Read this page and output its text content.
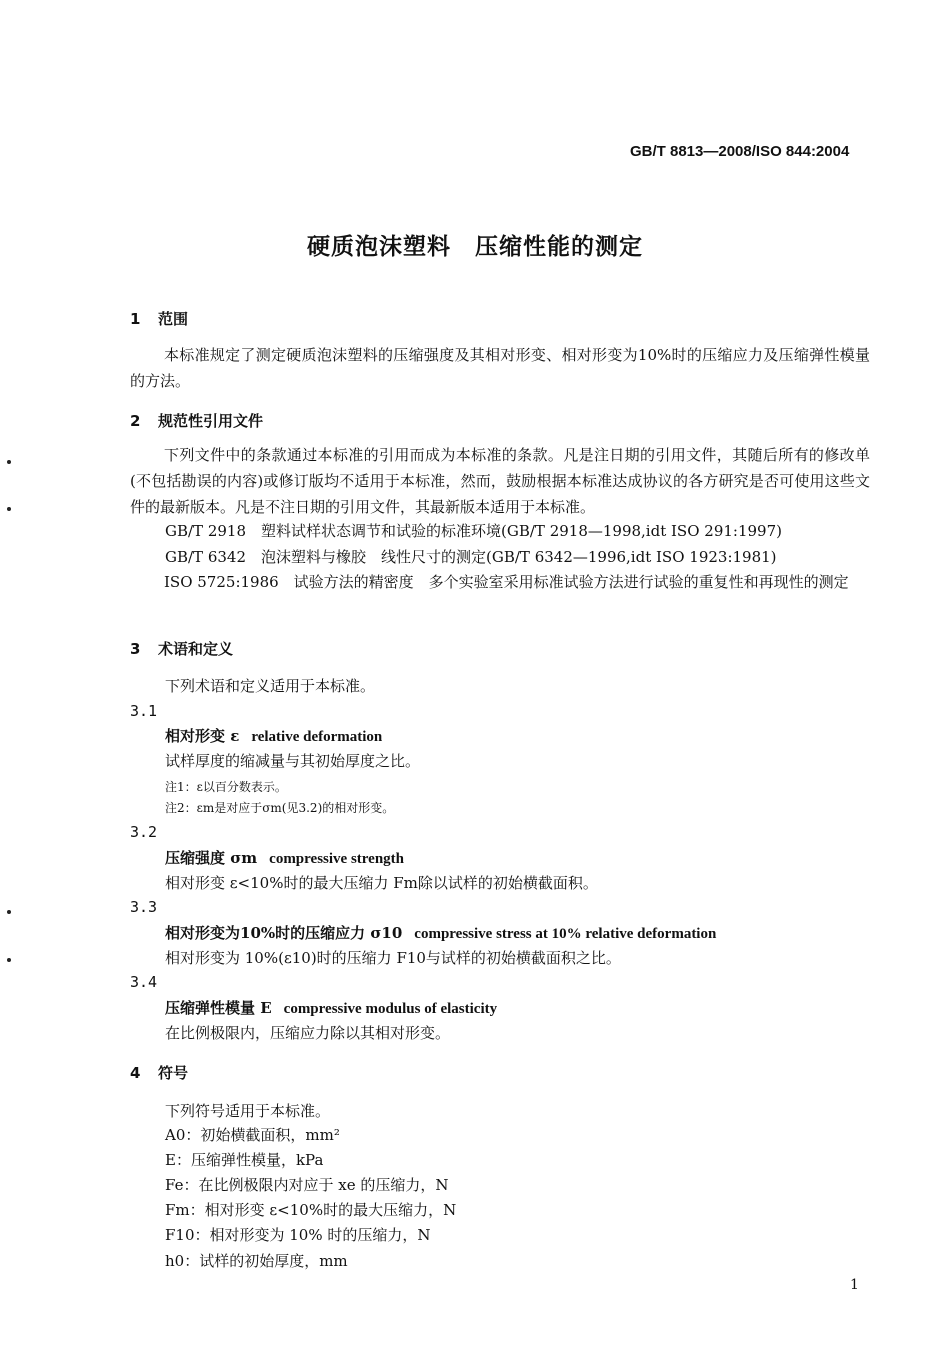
GB/T 8813—2008/ISO 844:2004
硬质泡沫塑料　压缩性能的测定
1 范围
本标准规定了测定硬质泡沫塑料的压缩强度及其相对形变、相对形变为10%时的压缩应力及压缩弹性模量的方法。
2 规范性引用文件
下列文件中的条款通过本标准的引用而成为本标准的条款。凡是注日期的引用文件，其随后所有的修改单(不包括勘误的内容)或修订版均不适用于本标准，然而，鼓励根据本标准达成协议的各方研究是否可使用这些文件的最新版本。凡是不注日期的引用文件，其最新版本适用于本标准。
GB/T 2918　塑料试样状态调节和试验的标准环境(GB/T 2918—1998,idt ISO 291:1997)
GB/T 6342　泡沫塑料与橡胶　线性尺寸的测定(GB/T 6342—1996,idt ISO 1923:1981)
ISO 5725:1986　试验方法的精密度　多个实验室采用标准试验方法进行试验的重复性和再现性的测定
3 术语和定义
下列术语和定义适用于本标准。
3.1
相对形变 ε relative deformation
试样厚度的缩减量与其初始厚度之比。
注1：ε以百分数表示。
注2：εm是对应于σm(见3.2)的相对形变。
3.2
压缩强度 σm compressive strength
相对形变 ε<10%时的最大压缩力 Fm除以试样的初始横截面积。
3.3
相对形变为10%时的压缩应力 σ10 compressive stress at 10% relative deformation
相对形变为 10%(ε10)时的压缩力 F10与试样的初始横截面积之比。
3.4
压缩弹性模量 E compressive modulus of elasticity
在比例极限内，压缩应力除以其相对形变。
4 符号
下列符号适用于本标准。
A0：初始横截面积，mm²
E：压缩弹性模量，kPa
Fe：在比例极限内对应于 xe 的压缩力，N
Fm：相对形变 ε<10%时的最大压缩力，N
F10：相对形变为 10% 时的压缩力，N
h0：试样的初始厚度，mm
1
